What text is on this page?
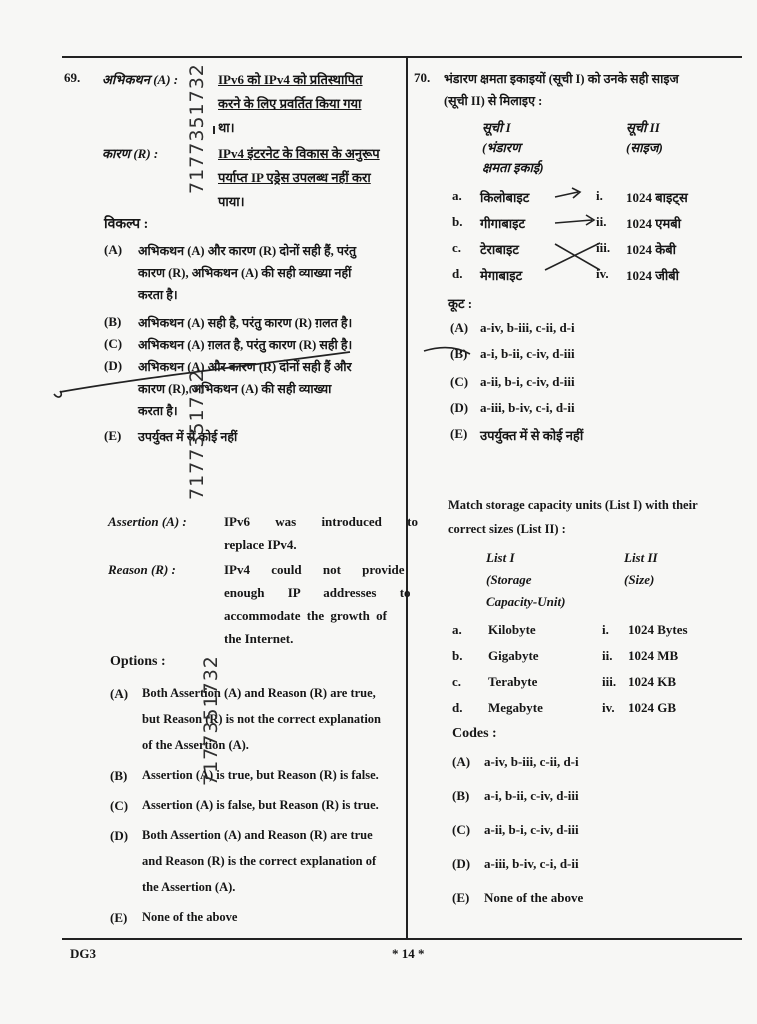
69. अभिकथन (A) :	IPv6 को IPv4 को प्रतिस्थापित
करने के लिए प्रवर्तित किया गया
था।
कारण (R) :	IPv4 इंटरनेट के विकास के अनुरूप
पर्याप्त IP एड्रेस उपलब्ध नहीं करा
पाया।
विकल्प :
(A) अभिकथन (A) और कारण (R) दोनों सही हैं, परंतु
कारण (R), अभिकथन (A) की सही व्याख्या नहीं
करता है।
(B) अभिकथन (A) सही है, परंतु कारण (R) ग़लत है।
(C) अभिकथन (A) ग़लत है, परंतु कारण (R) सही है।
(D) अभिकथन (A) और कारण (R) दोनों सही हैं और
कारण (R), अभिकथन (A) की सही व्याख्या
करता है।
(E) उपर्युक्त में से कोई नहीं
Assertion (A) :	IPv6 was introduced to
replace IPv4.
Reason (R) :	IPv4 could not provide
enough IP addresses to
accommodate the growth of
the Internet.
Options :
(A) Both Assertion (A) and Reason (R) are true,
but Reason (R) is not the correct explanation
of the Assertion (A).
(B) Assertion (A) is true, but Reason (R) is false.
(C) Assertion (A) is false, but Reason (R) is true.
(D) Both Assertion (A) and Reason (R) are true
and Reason (R) is the correct explanation of
the Assertion (A).
(E) None of the above
7177351732
7177351732
7177351732
70. भंडारण क्षमता इकाइयों (सूची I) को उनके सही साइज
(सूची II) से मिलाइए :
सूची I
(भंडारण
क्षमता इकाई)
सूची II
(साइज)
a. किलोबाइट	i. 1024 बाइट्स
b. गीगाबाइट	ii. 1024 एमबी
c. टेराबाइट	iii. 1024 केबी
d. मेगाबाइट	iv. 1024 जीबी
कूट :
(A) a-iv, b-iii, c-ii, d-i
(B) a-i, b-ii, c-iv, d-iii
(C) a-ii, b-i, c-iv, d-iii
(D) a-iii, b-iv, c-i, d-ii
(E) उपर्युक्त में से कोई नहीं
Match storage capacity units (List I) with their
correct sizes (List II) :
List I
(Storage
Capacity-Unit)
List II
(Size)
a. Kilobyte	i. 1024 Bytes
b. Gigabyte	ii. 1024 MB
c. Terabyte	iii. 1024 KB
d. Megabyte	iv. 1024 GB
Codes :
(A) a-iv, b-iii, c-ii, d-i
(B) a-i, b-ii, c-iv, d-iii
(C) a-ii, b-i, c-iv, d-iii
(D) a-iii, b-iv, c-i, d-ii
(E) None of the above
DG3	* 14 *
